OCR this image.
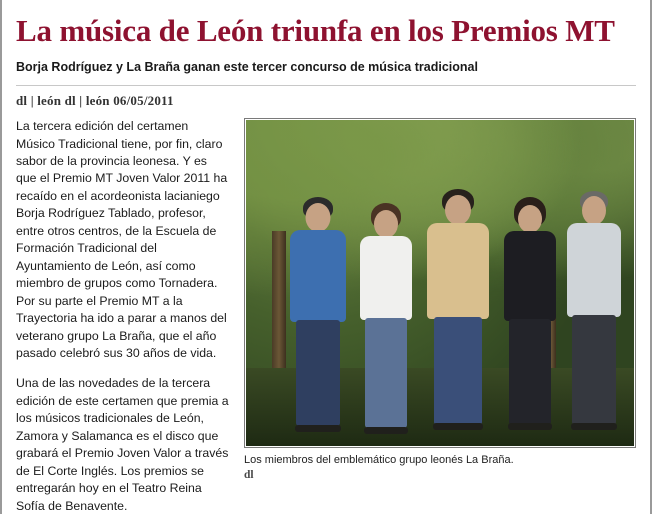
La música de León triunfa en los Premios MT
Borja Rodríguez y La Braña ganan este tercer concurso de música tradicional
dl | león dl | león 06/05/2011
Los miembros del emblemático grupo leonés La Braña.
dl

La tercera edición del certamen Músico Tradicional tiene, por fin, claro sabor de la provincia leonesa. Y es que el Premio MT Joven Valor 2011 ha recaído en el acordeonista lacianiego Borja Rodríguez Tablado, profesor, entre otros centros, de la Escuela de Formación Tradicional del Ayuntamiento de León, así como miembro de grupos como Tornadera. Por su parte el Premio MT a la Trayectoria ha ido a parar a manos del veterano grupo La Braña, que el año pasado celebró sus 30 años de vida.

Una de las novedades de la tercera edición de este certamen que premia a los músicos tradicionales de León, Zamora y Salamanca es el disco que grabará el Premio Joven Valor a través de El Corte Inglés. Los premios se entregarán hoy en el Teatro Reina Sofía de Benavente.
